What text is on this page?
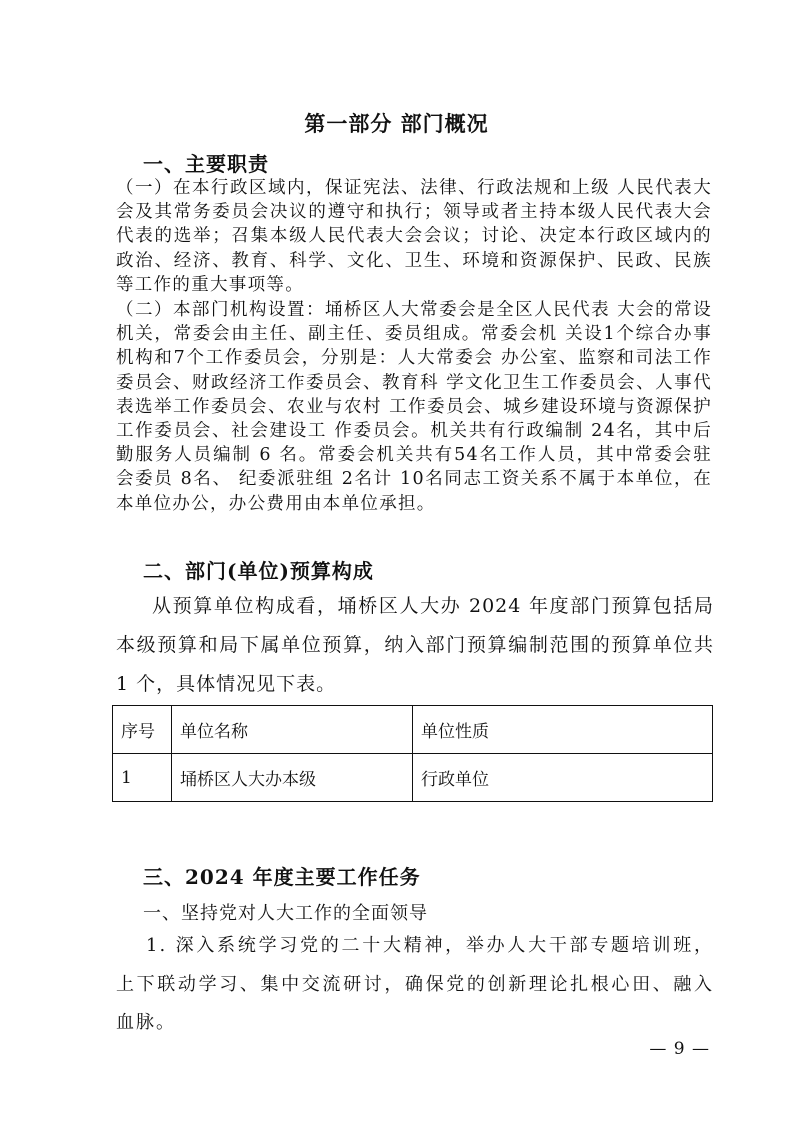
第一部分 部门概况
一、主要职责

（一）在本行政区域内，保证宪法、法律、行政法规和上级 人民代表大会及其常务委员会决议的遵守和执行；领导或者主持本级人民代表大会代表的选举；召集本级人民代表大会会议；讨论、决定本行政区域内的政治、经济、教育、科学、文化、卫生、环境和资源保护、民政、民族等工作的重大事项等。

（二）本部门机构设置：埇桥区人大常委会是全区人民代表 大会的常设机关，常委会由主任、副主任、委员组成。常委会机 关设1个综合办事机构和7个工作委员会，分别是：人大常委会 办公室、监察和司法工作委员会、财政经济工作委员会、教育科 学文化卫生工作委员会、人事代表选举工作委员会、农业与农村 工作委员会、城乡建设环境与资源保护工作委员会、社会建设工 作委员会。机关共有行政编制 24名，其中后勤服务人员编制 6 名。常委会机关共有54名工作人员，其中常委会驻会委员 8名、 纪委派驻组 2名计 10名同志工资关系不属于本单位，在本单位办公，办公费用由本单位承担。

二、部门(单位)预算构成

从预算单位构成看，埇桥区人大办 2024 年度部门预算包括局本级预算和局下属单位预算，纳入部门预算编制范围的预算单位共 1 个，具体情况见下表。

序号	单位名称	单位性质
1	埇桥区人大办本级	行政单位
三、2024 年度主要工作任务
一、坚持党对人大工作的全面领导

1. 深入系统学习党的二十大精神，举办人大干部专题培训班，上下联动学习、集中交流研讨，确保党的创新理论扎根心田、融入血脉。

— 9 —
